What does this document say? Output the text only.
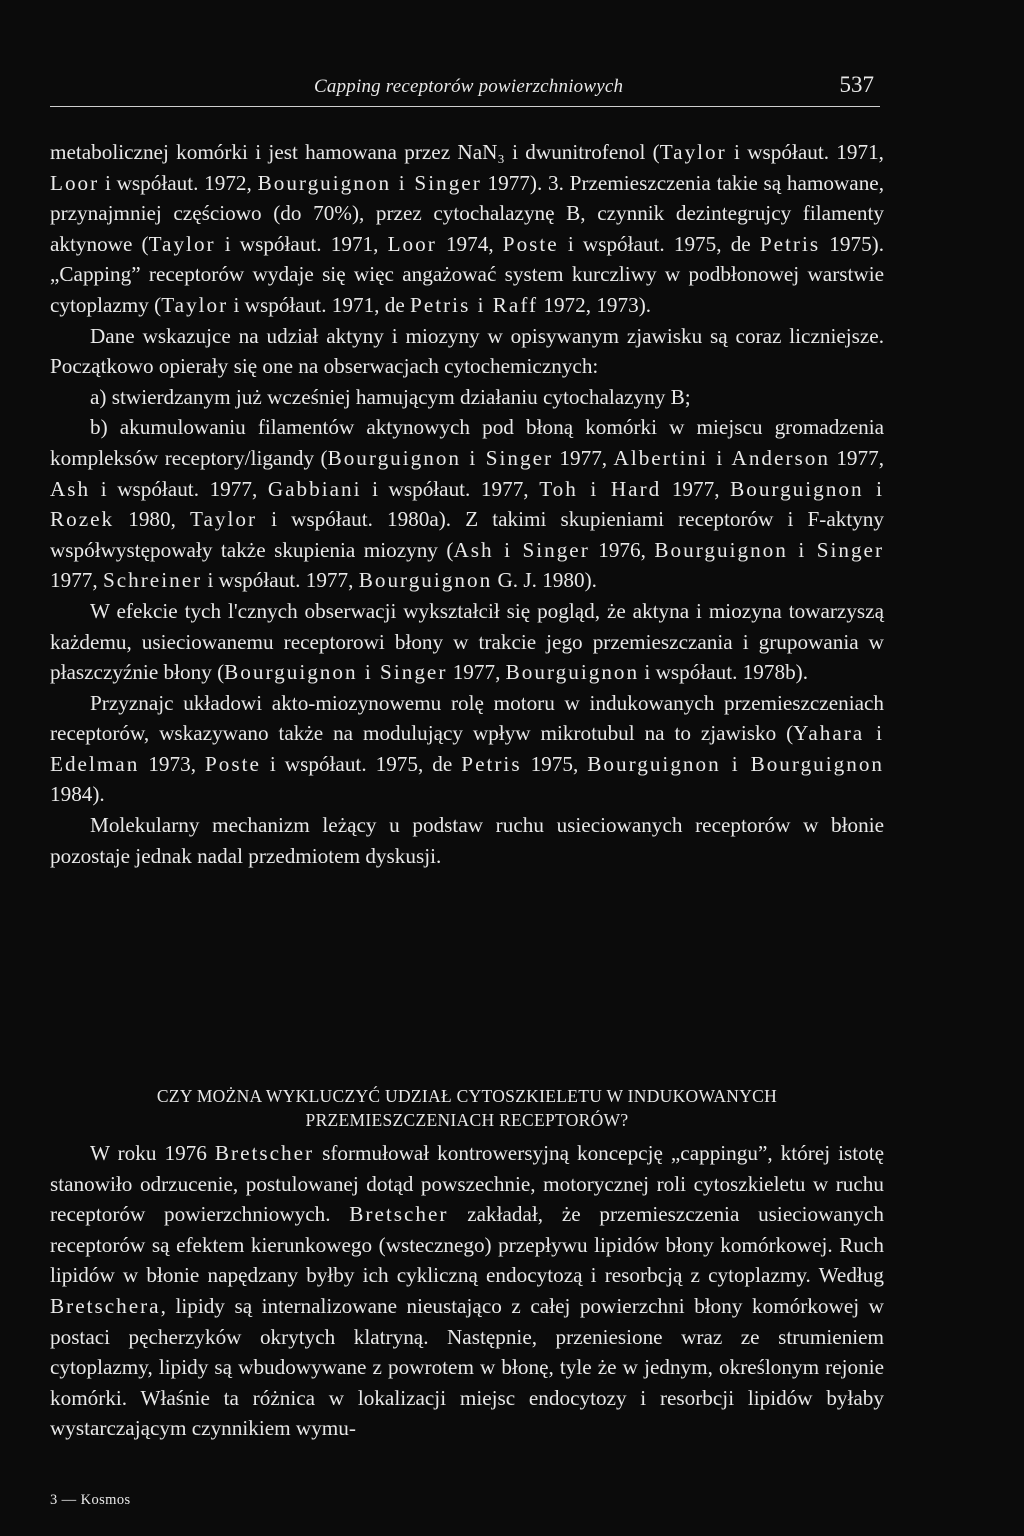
Capping receptorów powierzchniowych	537

metabolicznej komórki i jest hamowana przez NaN₃ i dwunitrofenol (Taylor i współaut. 1971, Loor i współaut. 1972, Bourguignon i Singer 1977). 3. Przemieszczenia takie są hamowane, przynajmniej częściowo (do 70%), przez cytochalazynę B, czynnik dezintegrujcy filamenty aktynowe (Taylor i współaut. 1971, Loor 1974, Poste i współaut. 1975, de Petris 1975). „Capping” receptorów wydaje się więc angażować system kurczliwy w podbłonowej warstwie cytoplazmy (Taylor i współaut. 1971, de Petris i Raff 1972, 1973).

Dane wskazujce na udział aktyny i miozyny w opisywanym zjawisku są coraz liczniejsze. Początkowo opierały się one na obserwacjach cytochemicznych:

a) stwierdzanym już wcześniej hamującym działaniu cytochalazyny B;

b) akumulowaniu filamentów aktynowych pod błoną komórki w miejscu gromadzenia kompleksów receptory/ligandy (Bourguignon i Singer 1977, Albertini i Anderson 1977, Ash i współaut. 1977, Gabbiani i współaut. 1977, Toh i Hard 1977, Bourguignon i Rozek 1980, Taylor i współaut. 1980a). Z takimi skupieniami receptorów i F-aktyny współwystępowały także skupienia miozyny (Ash i Singer 1976, Bourguignon i Singer 1977, Schreiner i współaut. 1977, Bourguignon G. J. 1980).

W efekcie tych l'cznych obserwacji wykształcił się pogląd, że aktyna i miozyna towarzyszą każdemu, usieciowanemu receptorowi błony w trakcie jego przemieszczania i grupowania w płaszczyźnie błony (Bourguignon i Singer 1977, Bourguignon i współaut. 1978b).

Przyznajc układowi akto-miozynowemu rolę motoru w indukowanych przemieszczeniach receptorów, wskazywano także na modulujący wpływ mikrotubul na to zjawisko (Yahara i Edelman 1973, Poste i współaut. 1975, de Petris 1975, Bourguignon i Bourguignon 1984).

Molekularny mechanizm leżący u podstaw ruchu usieciowanych receptorów w błonie pozostaje jednak nadal przedmiotem dyskusji.

CZY MOŻNA WYKLUCZYĆ UDZIAŁ CYTOSZKIELETU W INDUKOWANYCH
PRZEMIESZCZENIACH RECEPTORÓW?

W roku 1976 Bretscher sformułował kontrowersyjną koncepcję „cappingu”, której istotę stanowiło odrzucenie, postulowanej dotąd powszechnie, motorycznej roli cytoszkieletu w ruchu receptorów powierzchniowych. Bretscher zakładał, że przemieszczenia usieciowanych receptorów są efektem kierunkowego (wstecznego) przepływu lipidów błony komórkowej. Ruch lipidów w błonie napędzany byłby ich cykliczną endocytozą i resorbcją z cytoplazmy. Według Bretschera, lipidy są internalizowane nieustająco z całej powierzchni błony komórkowej w postaci pęcherzyków okrytych klatryną. Następnie, przeniesione wraz ze strumieniem cytoplazmy, lipidy są wbudowywane z powrotem w błonę, tyle że w jednym, określonym rejonie komórki. Właśnie ta różnica w lokalizacji miejsc endocytozy i resorbcji lipidów byłaby wystarczającym czynnikiem wymu-

3 — Kosmos
